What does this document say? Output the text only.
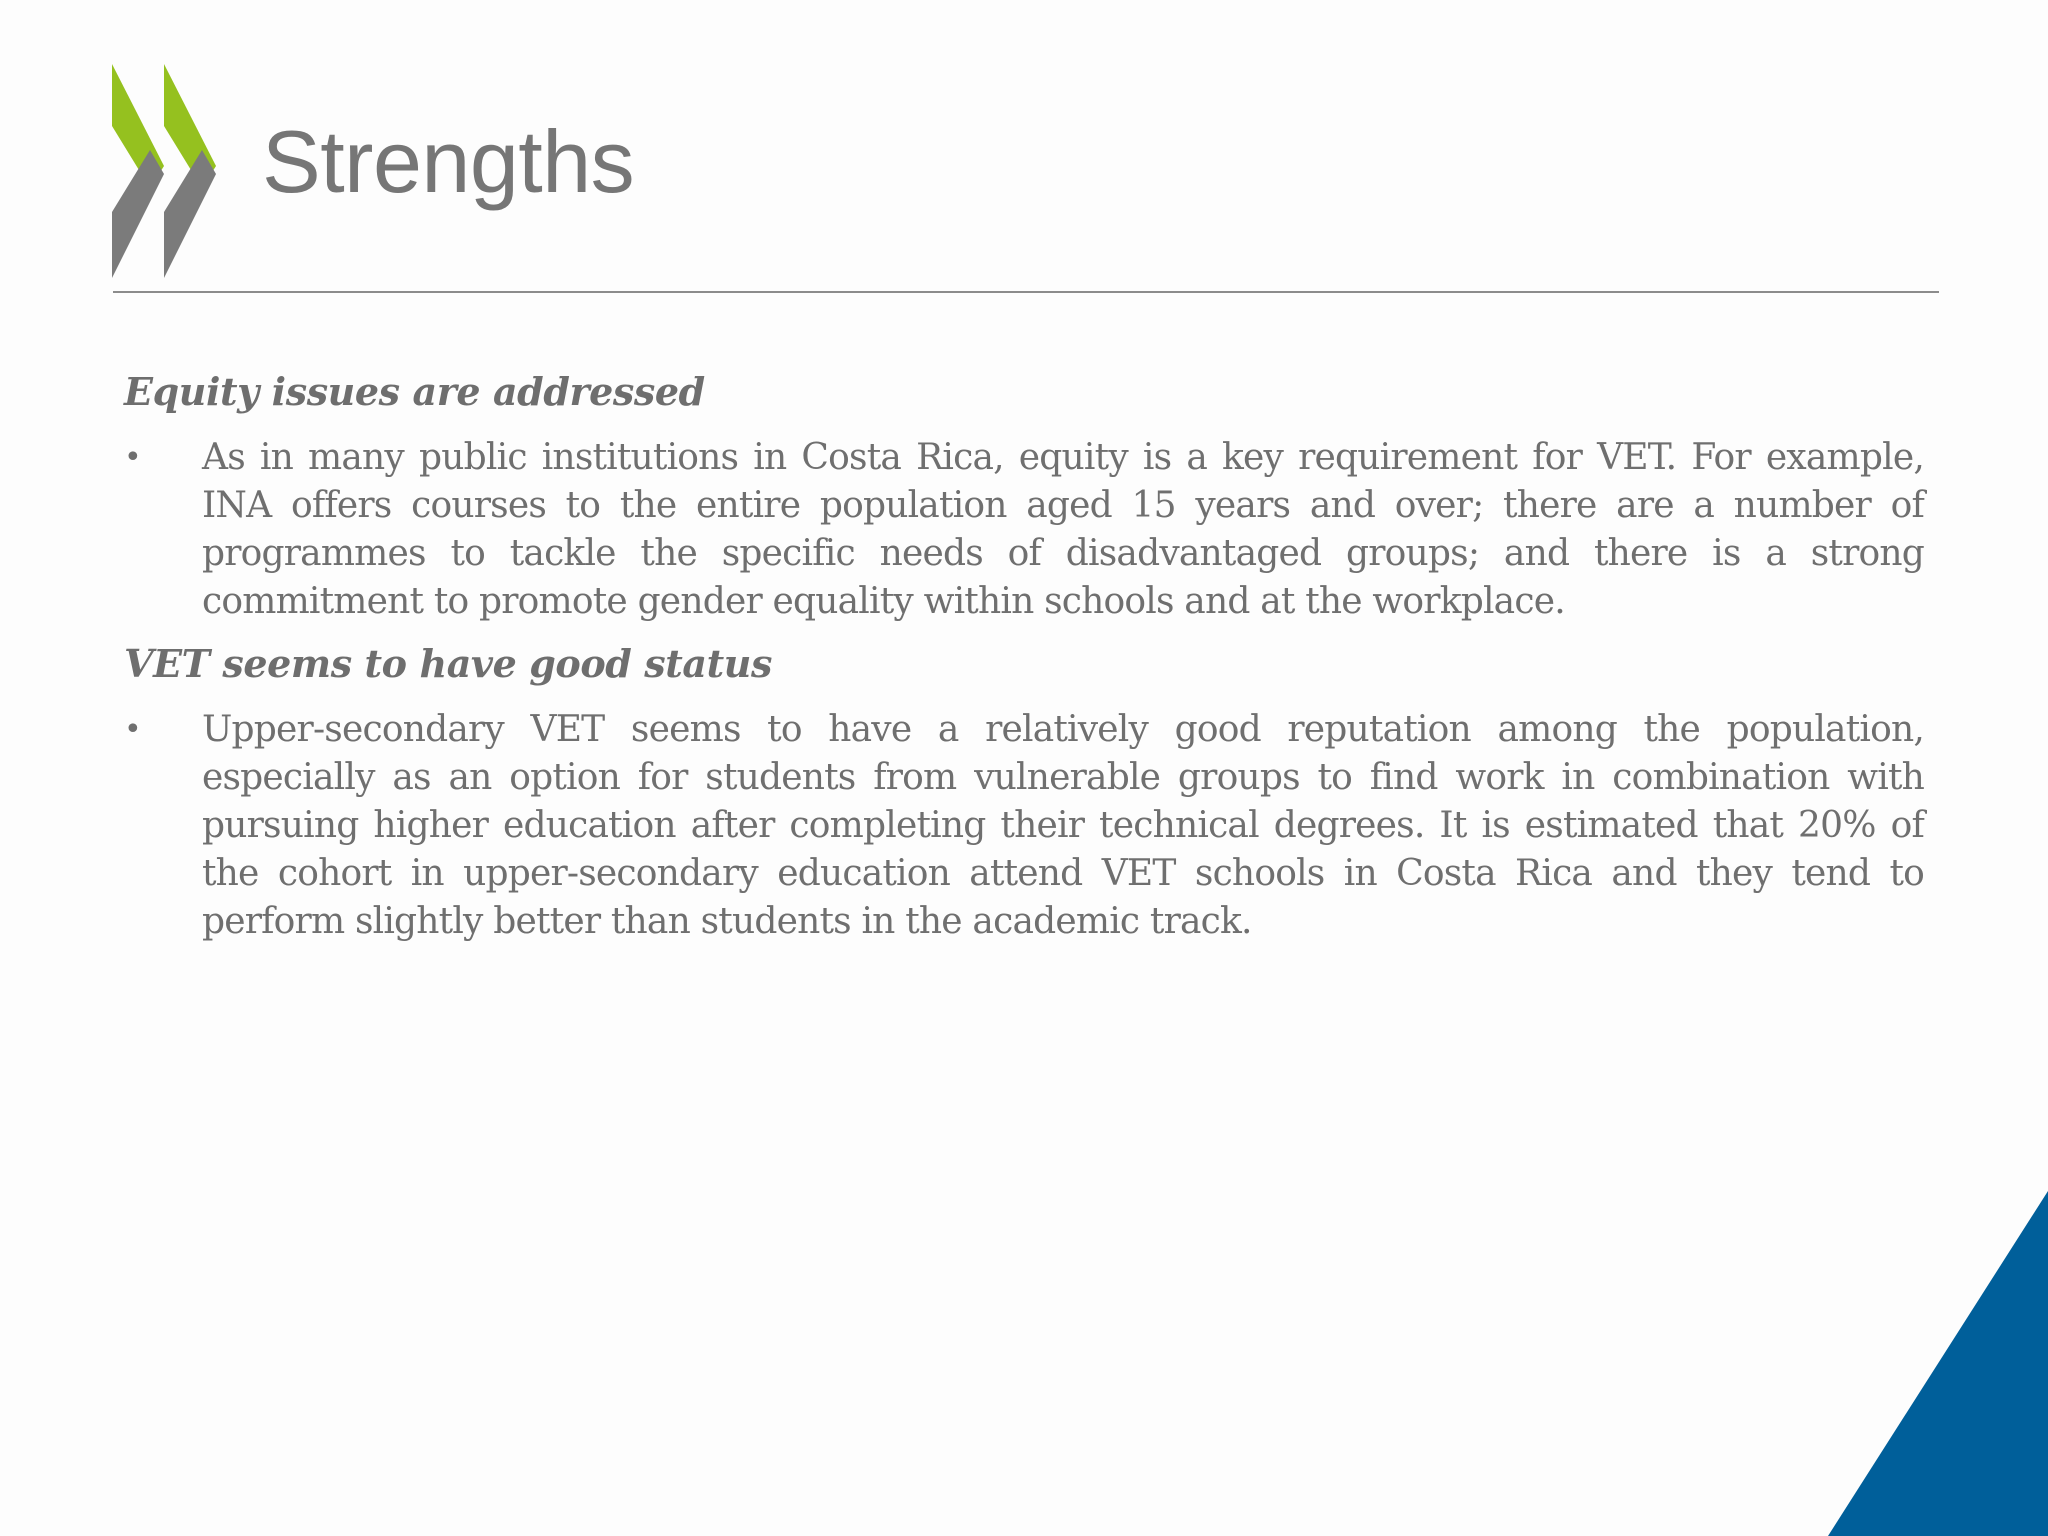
Strengths
Equity issues are addressed

• As in many public institutions in Costa Rica, equity is a key requirement for VET. For example, INA offers courses to the entire population aged 15 years and over; there are a number of programmes to tackle the specific needs of disadvantaged groups; and there is a strong commitment to promote gender equality within schools and at the workplace.

VET seems to have good status

• Upper-secondary VET seems to have a relatively good reputation among the population, especially as an option for students from vulnerable groups to find work in combination with pursuing higher education after completing their technical degrees. It is estimated that 20% of the cohort in upper-secondary education attend VET schools in Costa Rica and they tend to perform slightly better than students in the academic track.
